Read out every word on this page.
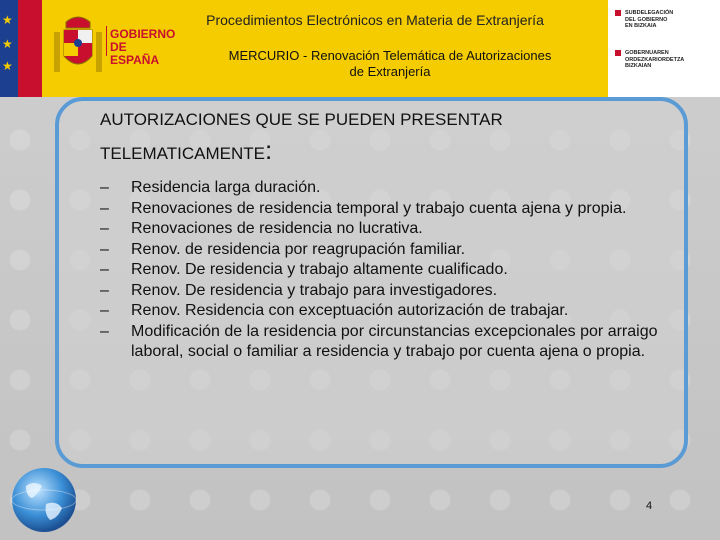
★
★
★
GOBIERNO
DE ESPAÑA
Procedimientos Electrónicos en Materia de Extranjería
MERCURIO - Renovación Telemática de Autorizaciones
de Extranjería
SUBDELEGACIÓN
DEL GOBIERNO
EN BIZKAIA
GOBERNUAREN
ORDEZKARIORDETZA
BIZKAIAN
AUTORIZACIONES QUE SE PUEDEN PRESENTAR
TELEMATICAMENTE:
– Residencia larga duración.
– Renovaciones de residencia temporal y trabajo cuenta ajena y propia.
– Renovaciones de residencia no lucrativa.
– Renov. de residencia por reagrupación familiar.
– Renov. De residencia y trabajo altamente cualificado.
– Renov. De residencia y trabajo para investigadores.
– Renov. Residencia con exceptuación autorización de trabajar.
– Modificación de la residencia por circunstancias excepcionales por arraigo laboral, social o familiar a residencia y trabajo por cuenta ajena o propia.
4
